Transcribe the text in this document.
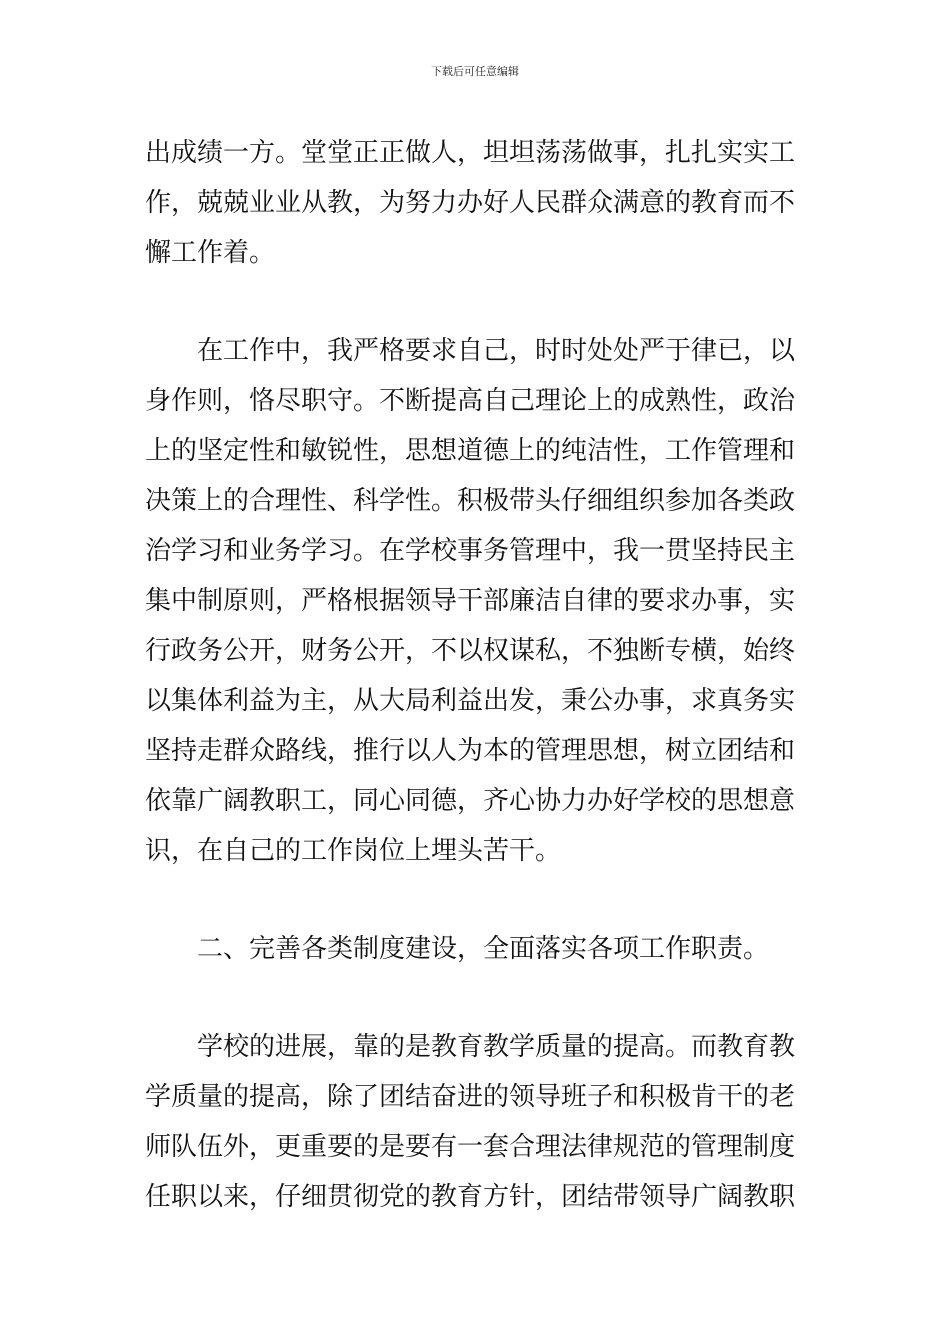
下载后可任意编辑
出成绩一方。堂堂正正做人，坦坦荡荡做事，扎扎实实工
作，兢兢业业从教，为努力办好人民群众满意的教育而不
懈工作着。
在工作中，我严格要求自己，时时处处严于律已，以
身作则，恪尽职守。不断提高自己理论上的成熟性，政治
上的坚定性和敏锐性，思想道德上的纯洁性，工作管理和
决策上的合理性、科学性。积极带头仔细组织参加各类政
治学习和业务学习。在学校事务管理中，我一贯坚持民主
集中制原则，严格根据领导干部廉洁自律的要求办事，实
行政务公开，财务公开，不以权谋私，不独断专横，始终
以集体利益为主，从大局利益出发，秉公办事，求真务实
坚持走群众路线，推行以人为本的管理思想，树立团结和
依靠广阔教职工，同心同德，齐心协力办好学校的思想意
识，在自己的工作岗位上埋头苦干。
二、完善各类制度建设，全面落实各项工作职责。
学校的进展，靠的是教育教学质量的提高。而教育教
学质量的提高，除了团结奋进的领导班子和积极肯干的老
师队伍外，更重要的是要有一套合理法律规范的管理制度
任职以来，仔细贯彻党的教育方针，团结带领导广阔教职
